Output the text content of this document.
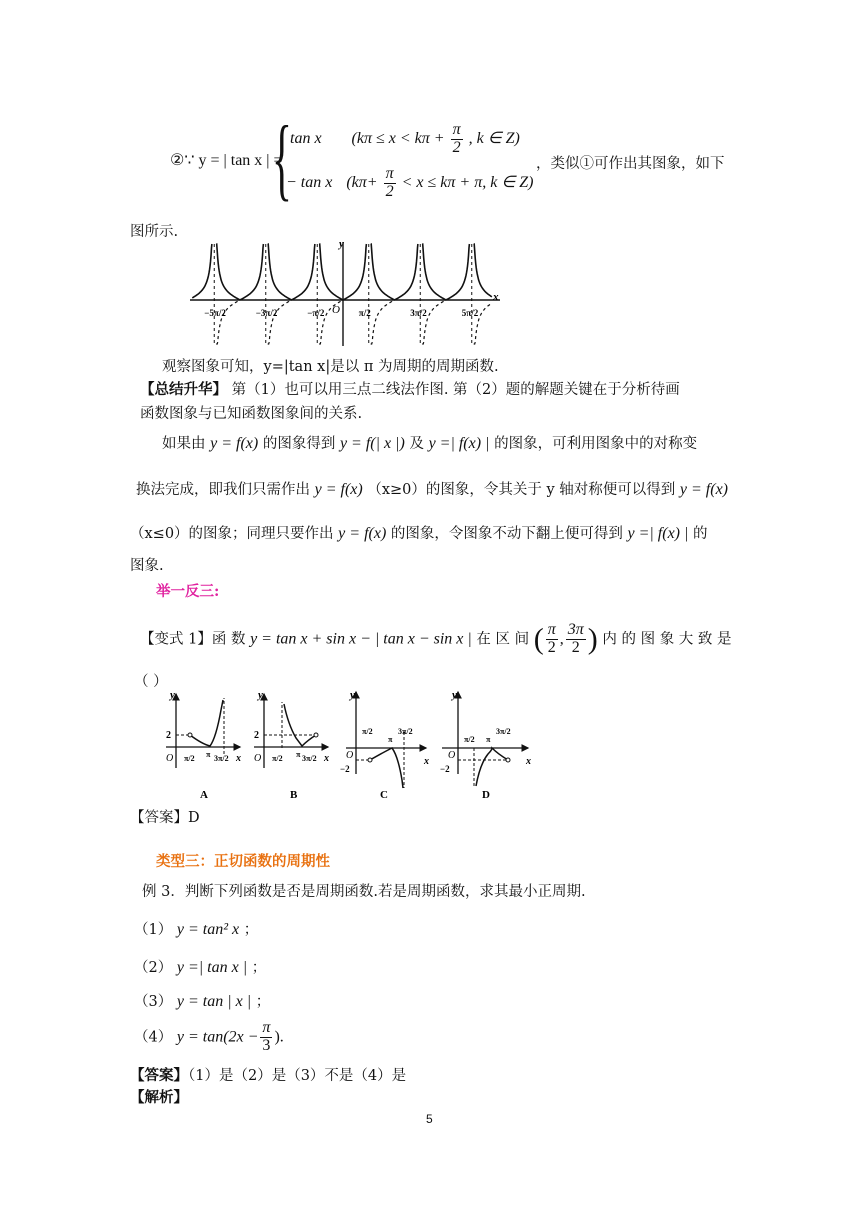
②∵ y = | tan x | =
{
tan x ($k\pi \le x < k\pi + \frac{\pi}{2}$ , k ∈ Z)
− tan x ($k\pi+ \frac{\pi}{2} < x \le k\pi + \pi$, k ∈ Z)
，类似①可作出其图象，如下
图所示.
y
x
O
−5π/2	−3π/2	−π/2	π/2	3π/2	5π/2
观察图象可知，y=|tan x|是以 π 为周期的周期函数.
【总结升华】 第（1）也可以用三点二线法作图. 第（2）题的解题关键在于分析待画
函数图象与已知函数图象间的关系.
如果由 y = f(x) 的图象得到 y = f(| x |) 及 y =| f(x) | 的图象，可利用图象中的对称变
换法完成，即我们只需作出 y = f(x) （x≥0）的图象，令其关于 y 轴对称便可以得到 y = f(x)
（x≤0）的图象；同理只要作出 y = f(x) 的图象，令图象不动下翻上便可得到 y =| f(x) | 的
图象.
举一反三:
【变式 1】函 数 y = tan x + sin x − | tan x − sin x | 在 区 间 ( $\frac{\pi}{2}$ , $\frac{3\pi}{2}$ ) 内 的 图 象 大 致 是
（ ）
y
x
O
2
π/2 π 3π/2
A
y
x
O
2
π/2 π 3π/2
B
y
x
O
−2
π/2
π
3π/2
C
y
x
O
−2
π/2 π
3π/2
D
【答案】D
类型三：正切函数的周期性
例 3．判断下列函数是否是周期函数.若是周期函数，求其最小正周期.
（1） y = tan² x ；
（2） y =| tan x | ；
（3） y = tan | x | ；
（4） $y = \tan(2x - \frac{\pi}{3}$ ).
【答案】（1）是（2）是（3）不是（4）是
【解析】
5
